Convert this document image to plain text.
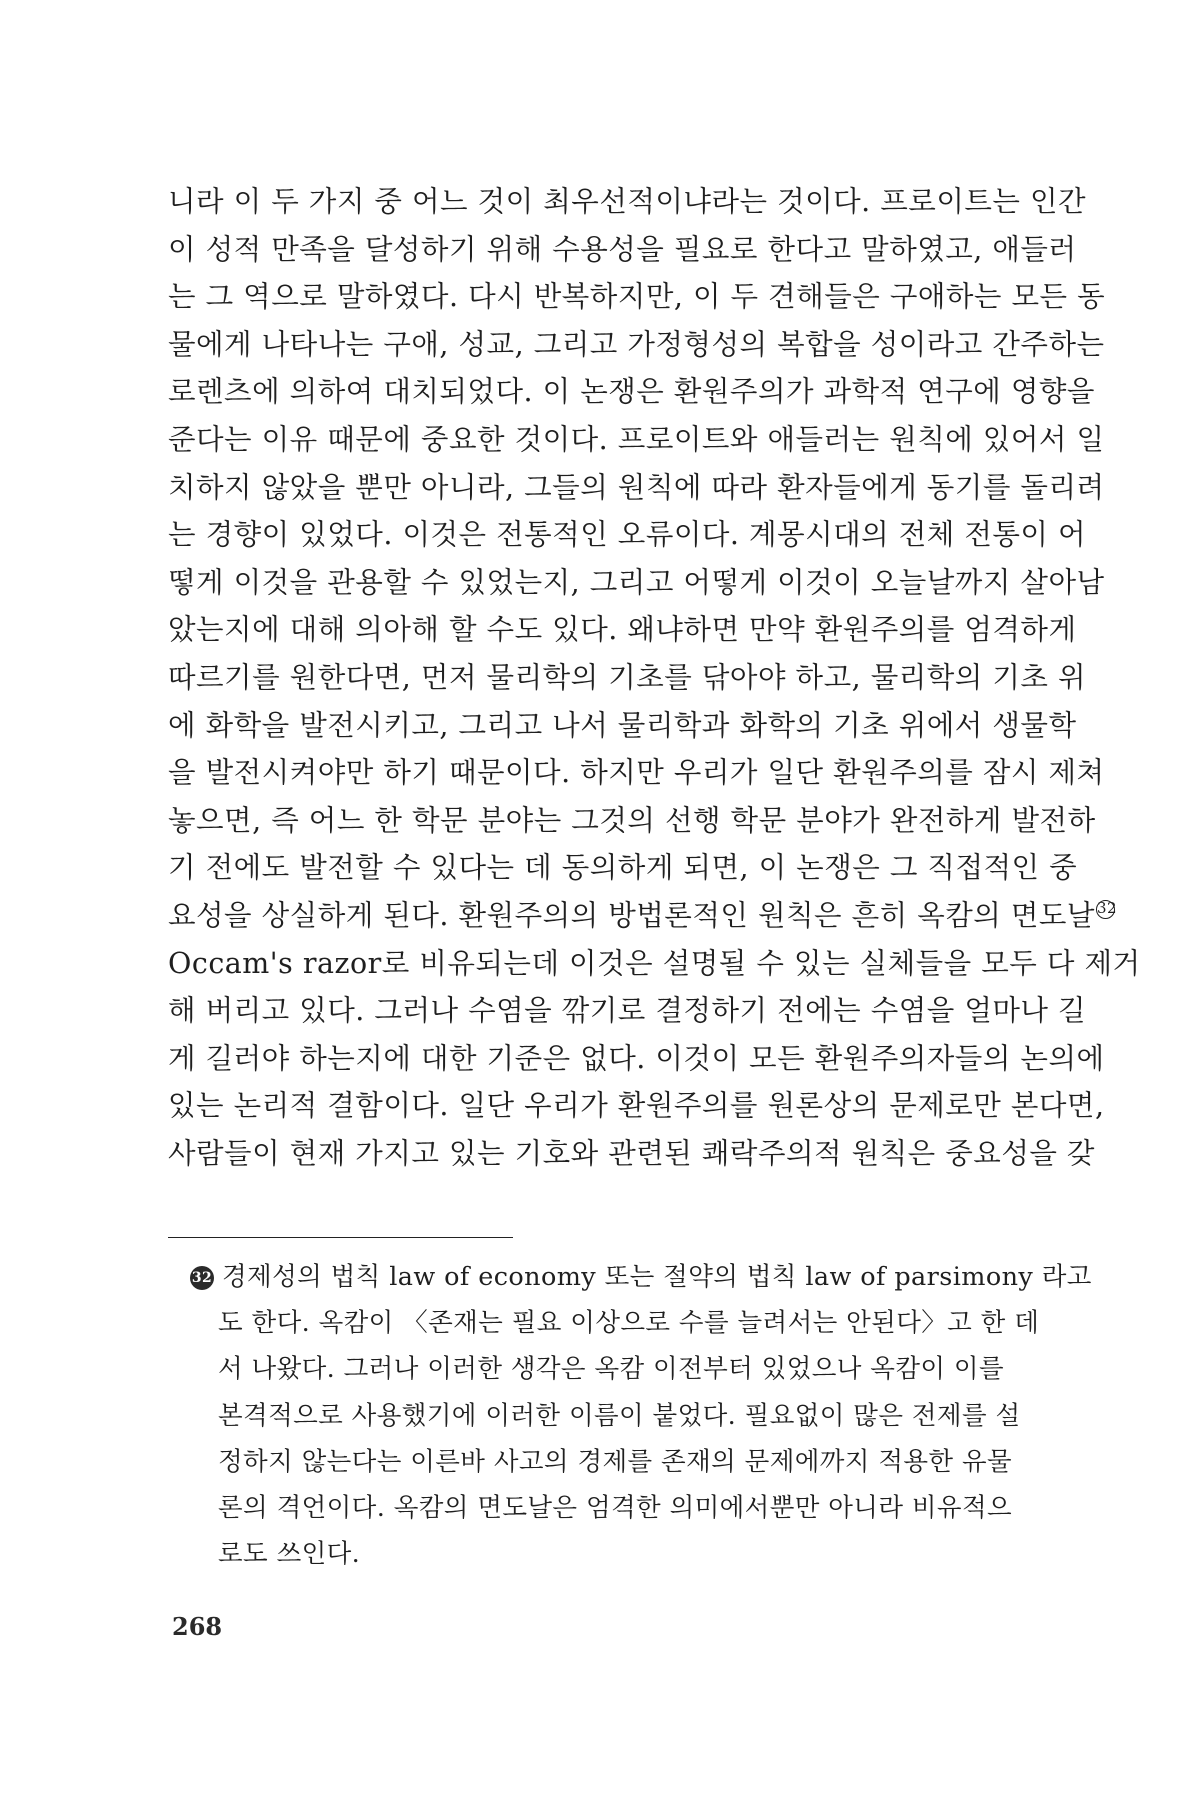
니라 이 두 가지 중 어느 것이 최우선적이냐라는 것이다. 프로이트는 인간
이 성적 만족을 달성하기 위해 수용성을 필요로 한다고 말하였고, 애들러
는 그 역으로 말하였다. 다시 반복하지만, 이 두 견해들은 구애하는 모든 동
물에게 나타나는 구애, 성교, 그리고 가정형성의 복합을 성이라고 간주하는
로렌츠에 의하여 대치되었다. 이 논쟁은 환원주의가 과학적 연구에 영향을
준다는 이유 때문에 중요한 것이다. 프로이트와 애들러는 원칙에 있어서 일
치하지 않았을 뿐만 아니라, 그들의 원칙에 따라 환자들에게 동기를 돌리려
는 경향이 있었다. 이것은 전통적인 오류이다. 계몽시대의 전체 전통이 어
떻게 이것을 관용할 수 있었는지, 그리고 어떻게 이것이 오늘날까지 살아남
았는지에 대해 의아해 할 수도 있다. 왜냐하면 만약 환원주의를 엄격하게
따르기를 원한다면, 먼저 물리학의 기초를 닦아야 하고, 물리학의 기초 위
에 화학을 발전시키고, 그리고 나서 물리학과 화학의 기초 위에서 생물학
을 발전시켜야만 하기 때문이다. 하지만 우리가 일단 환원주의를 잠시 제쳐
놓으면, 즉 어느 한 학문 분야는 그것의 선행 학문 분야가 완전하게 발전하
기 전에도 발전할 수 있다는 데 동의하게 되면, 이 논쟁은 그 직접적인 중
요성을 상실하게 된다. 환원주의의 방법론적인 원칙은 흔히 옥캄의 면도날 32
Occam's razor로 비유되는데 이것은 설명될 수 있는 실체들을 모두 다 제거
해 버리고 있다. 그러나 수염을 깎기로 결정하기 전에는 수염을 얼마나 길
게 길러야 하는지에 대한 기준은 없다. 이것이 모든 환원주의자들의 논의에
있는 논리적 결함이다. 일단 우리가 환원주의를 원론상의 문제로만 본다면,
사람들이 현재 가지고 있는 기호와 관련된 쾌락주의적 원칙은 중요성을 갖
32 경제성의 법칙 law of economy 또는 절약의 법칙 law of parsimony 라고
도 한다. 옥캄이 〈존재는 필요 이상으로 수를 늘려서는 안된다〉고 한 데
서 나왔다. 그러나 이러한 생각은 옥캄 이전부터 있었으나 옥캄이 이를
본격적으로 사용했기에 이러한 이름이 붙었다. 필요없이 많은 전제를 설
정하지 않는다는 이른바 사고의 경제를 존재의 문제에까지 적용한 유물
론의 격언이다. 옥캄의 면도날은 엄격한 의미에서뿐만 아니라 비유적으
로도 쓰인다.
268
